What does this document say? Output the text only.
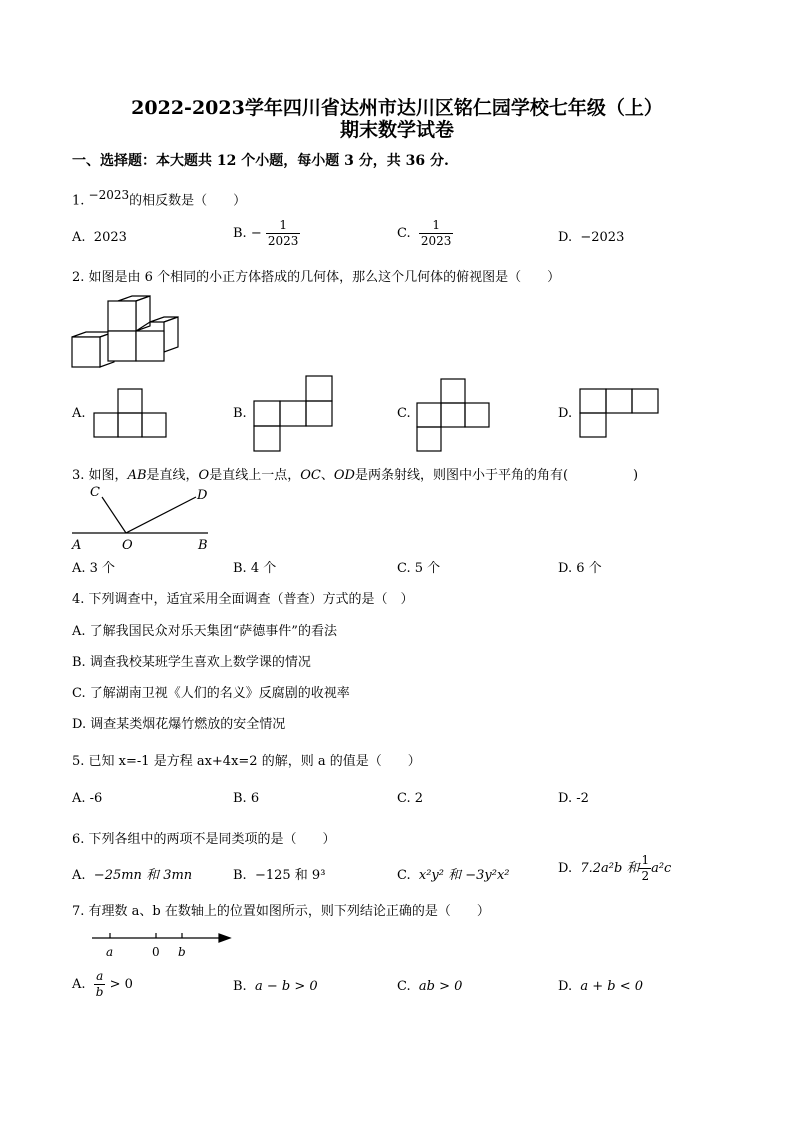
2022-2023学年四川省达州市达川区铭仁园学校七年级（上）
期末数学试卷
一、选择题：本大题共 12 个小题，每小题 3 分，共 36 分.
1. $^{-2023}$的相反数是（　　）
A. 2023	B. − $\frac{1}{2023}$	C. $\frac{1}{2023}$	D. −2023
2. 如图是由 6 个相同的小正方体搭成的几何体，那么这个几何体的俯视图是（　　）
A.	B.	C.	D.
3. 如图，AB是直线，O是直线上一点，OC、OD是两条射线，则图中小于平角的角有(　　　　　)
C	D
A	O	B
A. 3 个	B. 4 个	C. 5 个	D. 6 个
4. 下列调查中，适宜采用全面调查（普查）方式的是（　）
A. 了解我国民众对乐天集团“萨德事件”的看法
B. 调查我校某班学生喜欢上数学课的情况
C. 了解湖南卫视《人们的名义》反腐剧的收视率
D. 调查某类烟花爆竹燃放的安全情况
5. 已知 x=-1 是方程 ax+4x=2 的解，则 a 的值是（　　）
A. -6	B. 6	C. 2	D. -2
6. 下列各组中的两项不是同类项的是（　　）
A. −25mn 和 3mn	B. −125 和 9³	C. x²y² 和 −3y²x²	D. 7.2a²b 和 $\frac{1}{2} a^2c$
7. 有理数 a、b 在数轴上的位置如图所示，则下列结论正确的是（　　）
a	0 b
A. $\frac{a}{b} > 0$	B. a − b > 0	C. ab > 0	D. a + b < 0
